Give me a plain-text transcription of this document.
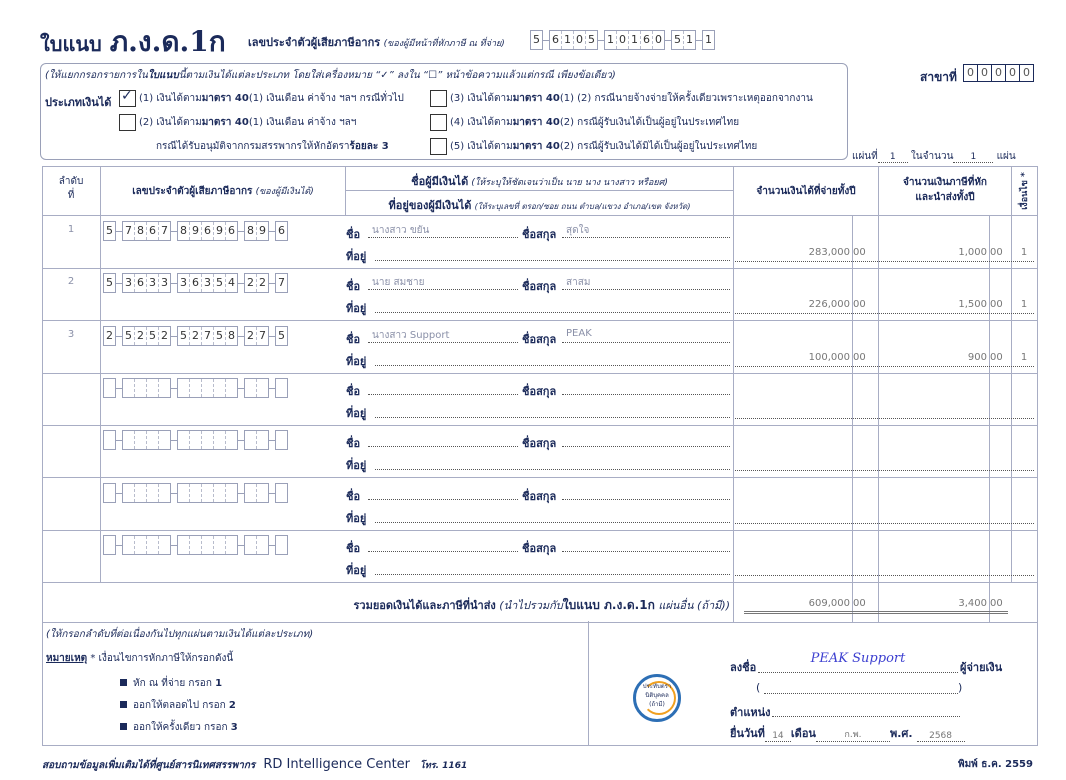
ใบแนบ ภ.ง.ด.1ก เลขประจำตัวผู้เสียภาษีอากร (ของผู้มีหน้าที่หักภาษี ณ ที่จ่าย)	5 6 1 0 5 1 0 1 6 0 5 1 1
สาขาที่ 0 0 0 0 0
(ให้แยกกรอกรายการในใบแนบนี้ตามเงินได้แต่ละประเภท โดยใส่เครื่องหมาย “✓” ลงใน “☐” หน้าข้อความแล้วแต่กรณี เพียงข้อเดียว)
ประเภทเงินได้ ✓	(1) เงินได้ตาม มาตรา 40 (1) เงินเดือน ค่าจ้าง ฯลฯ กรณีทั่วไป
(2) เงินได้ตาม มาตรา 40 (1) เงินเดือน ค่าจ้าง ฯลฯ
กรณีได้รับอนุมัติจากกรมสรรพากรให้หักอัตราร้อยละ 3
(3) เงินได้ตาม มาตรา 40 (1) (2) กรณีนายจ้างจ่ายให้ครั้งเดียวเพราะเหตุออกจากงาน
(4) เงินได้ตาม มาตรา 40 (2) กรณีผู้รับเงินได้เป็นผู้อยู่ในประเทศไทย
(5) เงินได้ตาม มาตรา 40 (2) กรณีผู้รับเงินได้มิได้เป็นผู้อยู่ในประเทศไทย
แผ่นที่ 1 ในจำนวน 1 แผ่น
ลำดับ
ที่	เลขประจำตัวผู้เสียภาษีอากร (ของผู้มีเงินได้)
ชื่อผู้มีเงินได้ (ให้ระบุให้ชัดเจนว่าเป็น นาย นาง นางสาว หรือยศ)
ที่อยู่ของผู้มีเงินได้ (ให้ระบุเลขที่ ตรอก/ซอย ถนน ตำบล/แขวง อำเภอ/เขต จังหวัด)
จำนวนเงินได้ที่จ่ายทั้งปี
จำนวนเงินภาษีที่หัก
และนำส่งทั้งปี	เงื่อนไข *
1	5 7 8 6 7 8 9 6 9 6 8 9 6	ชื่อ นางสาว ขยัน	ชื่อสกุล สุดใจ
ที่อยู่	283,000 00	1,000 00	1
2	5 3 6 3 3 3 6 3 5 4 2 2 7	ชื่อ นาย สมชาย	ชื่อสกุล สาสม
ที่อยู่	226,000 00	1,500 00	1
3	2 5 2 5 2 5 2 7 5 8 2 7 5	ชื่อ นางสาว Support	ชื่อสกุล PEAK
ที่อยู่	100,000 00	900 00	1
ชื่อ	ชื่อสกุล
ที่อยู่
ชื่อ	ชื่อสกุล
ที่อยู่
ชื่อ	ชื่อสกุล
ที่อยู่
ชื่อ	ชื่อสกุล
ที่อยู่
รวมยอดเงินได้และภาษีที่นำส่ง (นำไปรวมกับใบแนบ ภ.ง.ด.1ก แผ่นอื่น (ถ้ามี))	609,000 00	3,400 00
(ให้กรอกลำดับที่ต่อเนื่องกันไปทุกแผ่นตามเงินได้แต่ละประเภท)
หมายเหตุ * เงื่อนไขการหักภาษีให้กรอกดังนี้
หัก ณ ที่จ่าย กรอก 1
ออกให้ตลอดไป กรอก 2
ออกให้ครั้งเดียว กรอก 3
ประทับตรา
นิติบุคคล
(ถ้ามี)
ลงชื่อ
PEAK Support
ผู้จ่ายเงิน
(	)
ตำแหน่ง
ยื่นวันที่ 14 เดือน	ก.พ.	พ.ศ.	2568
สอบถามข้อมูลเพิ่มเติมได้ที่ศูนย์สารนิเทศสรรพากร RD Intelligence Center โทร. 1161	พิมพ์ ธ.ค. 2559
